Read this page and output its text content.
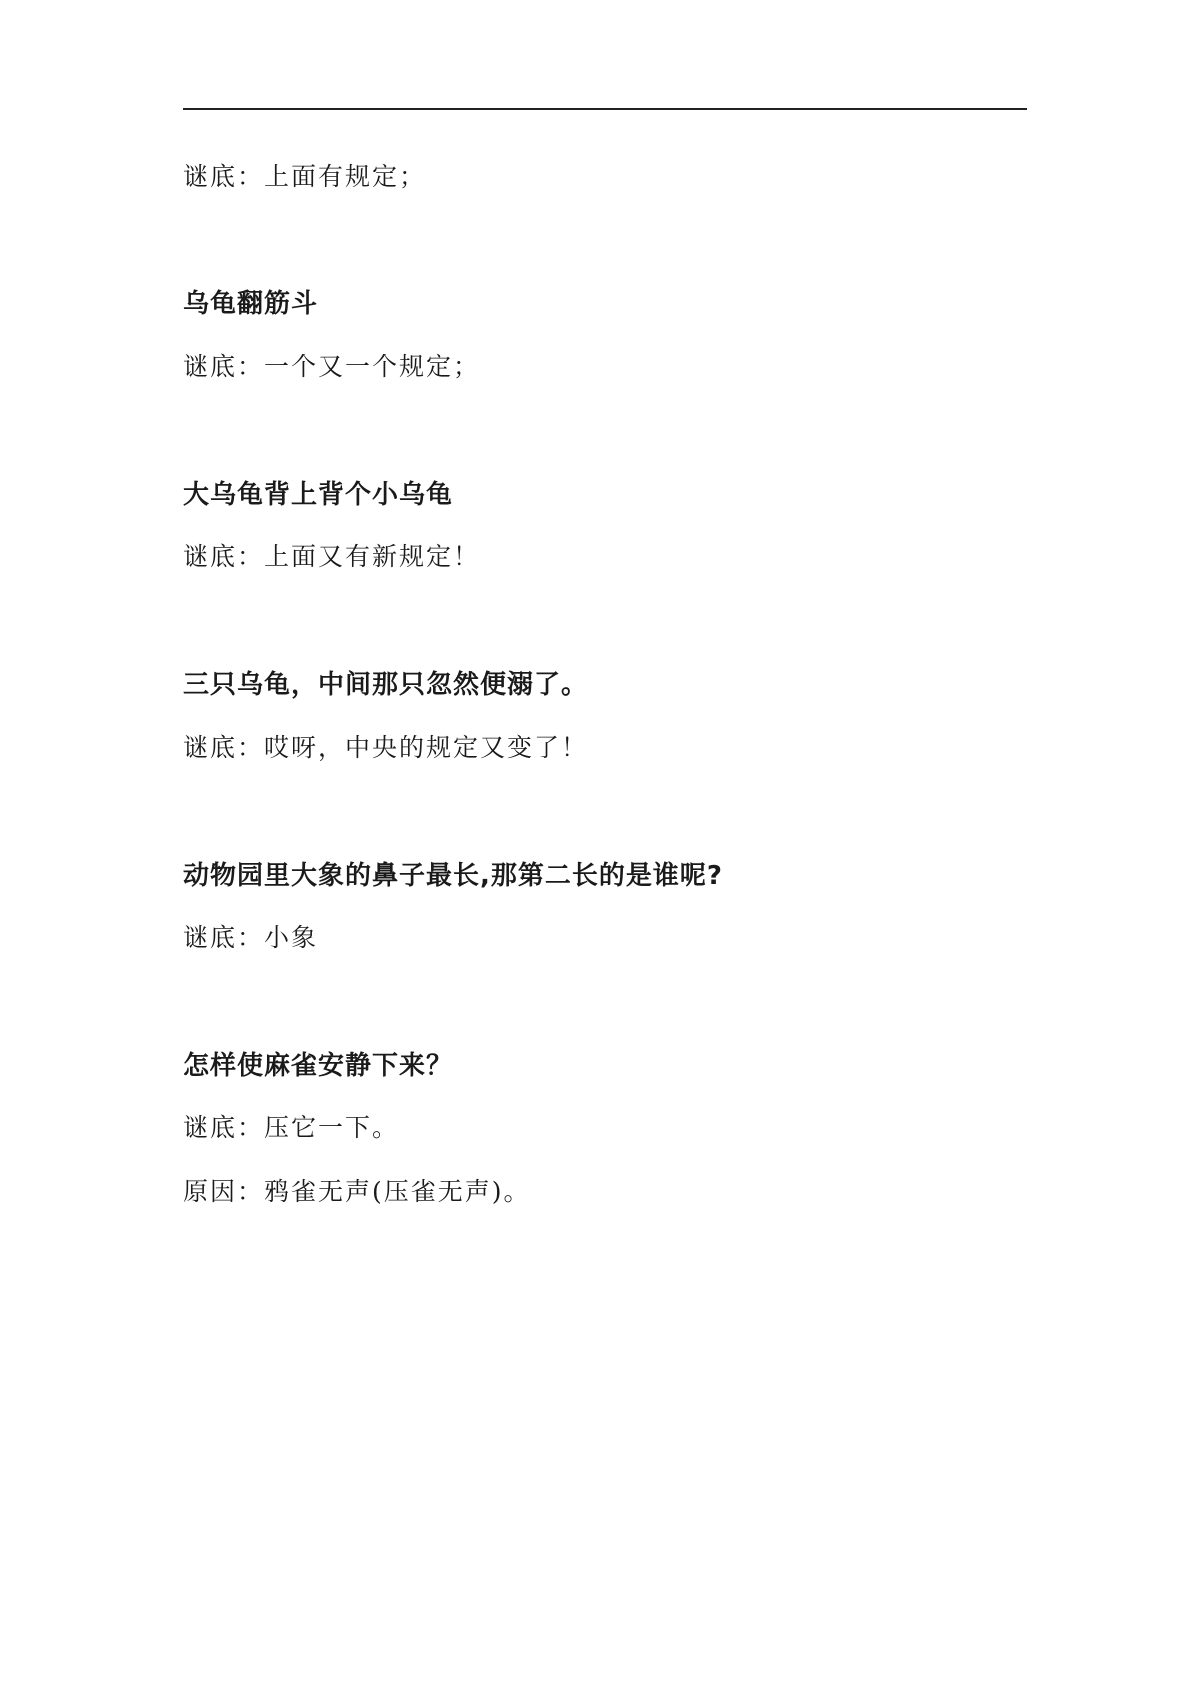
谜底：上面有规定；
乌龟翻筋斗
谜底：一个又一个规定；
大乌龟背上背个小乌龟
谜底：上面又有新规定！
三只乌龟，中间那只忽然便溺了。
谜底：哎呀，中央的规定又变了！
动物园里大象的鼻子最长,那第二长的是谁呢?
谜底：小象
怎样使麻雀安静下来？
谜底：压它一下。
原因：鸦雀无声(压雀无声)。
